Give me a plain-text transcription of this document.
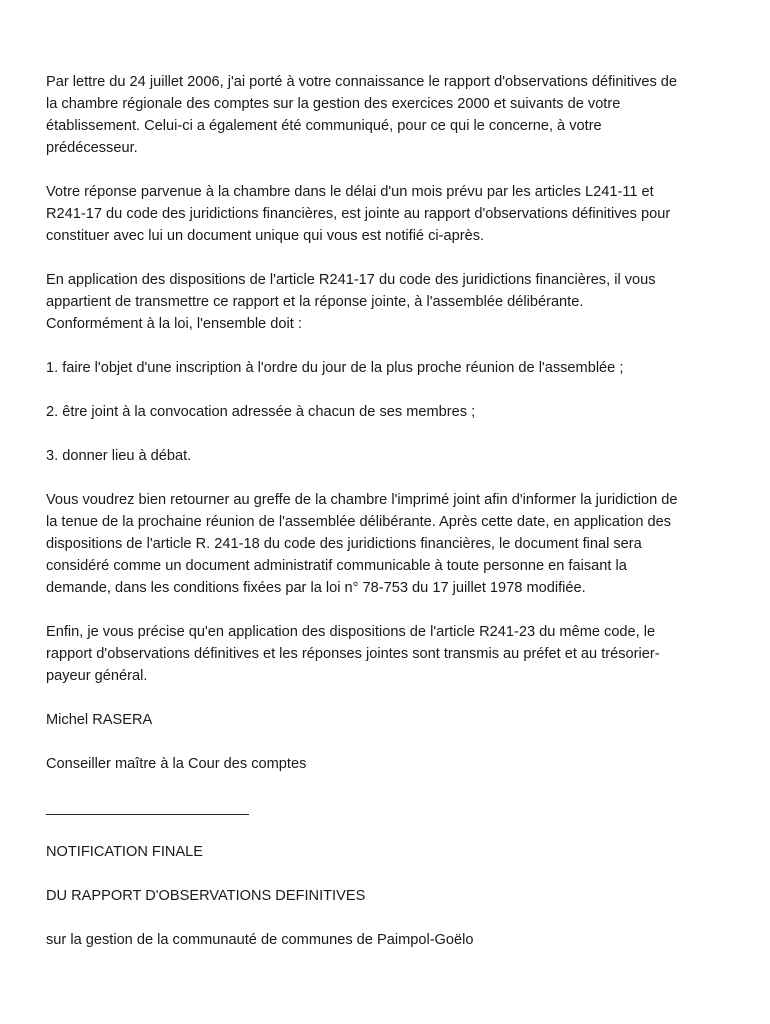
Par lettre du 24 juillet 2006, j'ai porté à votre connaissance le rapport d'observations définitives de
la chambre régionale des comptes sur la gestion des exercices 2000 et suivants de votre
établissement. Celui-ci a également été communiqué, pour ce qui le concerne, à votre
prédécesseur.
Votre réponse parvenue à la chambre dans le délai d'un mois prévu par les articles L241-11 et
R241-17 du code des juridictions financières, est jointe au rapport d'observations définitives pour
constituer avec lui un document unique qui vous est notifié ci-après.
En application des dispositions de l'article R241-17 du code des juridictions financières, il vous
appartient de transmettre ce rapport et la réponse jointe, à l'assemblée délibérante.
Conformément à la loi, l'ensemble doit :
1. faire l'objet d'une inscription à l'ordre du jour de la plus proche réunion de l'assemblée ;
2. être joint à la convocation adressée à chacun de ses membres ;
3. donner lieu à débat.
Vous voudrez bien retourner au greffe de la chambre l'imprimé joint afin d'informer la juridiction de
la tenue de la prochaine réunion de l'assemblée délibérante. Après cette date, en application des
dispositions de l'article R. 241-18 du code des juridictions financières, le document final sera
considéré comme un document administratif communicable à toute personne en faisant la
demande, dans les conditions fixées par la loi n° 78-753 du 17 juillet 1978 modifiée.
Enfin, je vous précise qu'en application des dispositions de l'article R241-23 du même code, le
rapport d'observations définitives et les réponses jointes sont transmis au préfet et au trésorier-
payeur général.
Michel RASERA
Conseiller maître à la Cour des comptes
_________________________
NOTIFICATION FINALE
DU RAPPORT D'OBSERVATIONS DEFINITIVES
sur la gestion de la communauté de communes de Paimpol-Goëlo
